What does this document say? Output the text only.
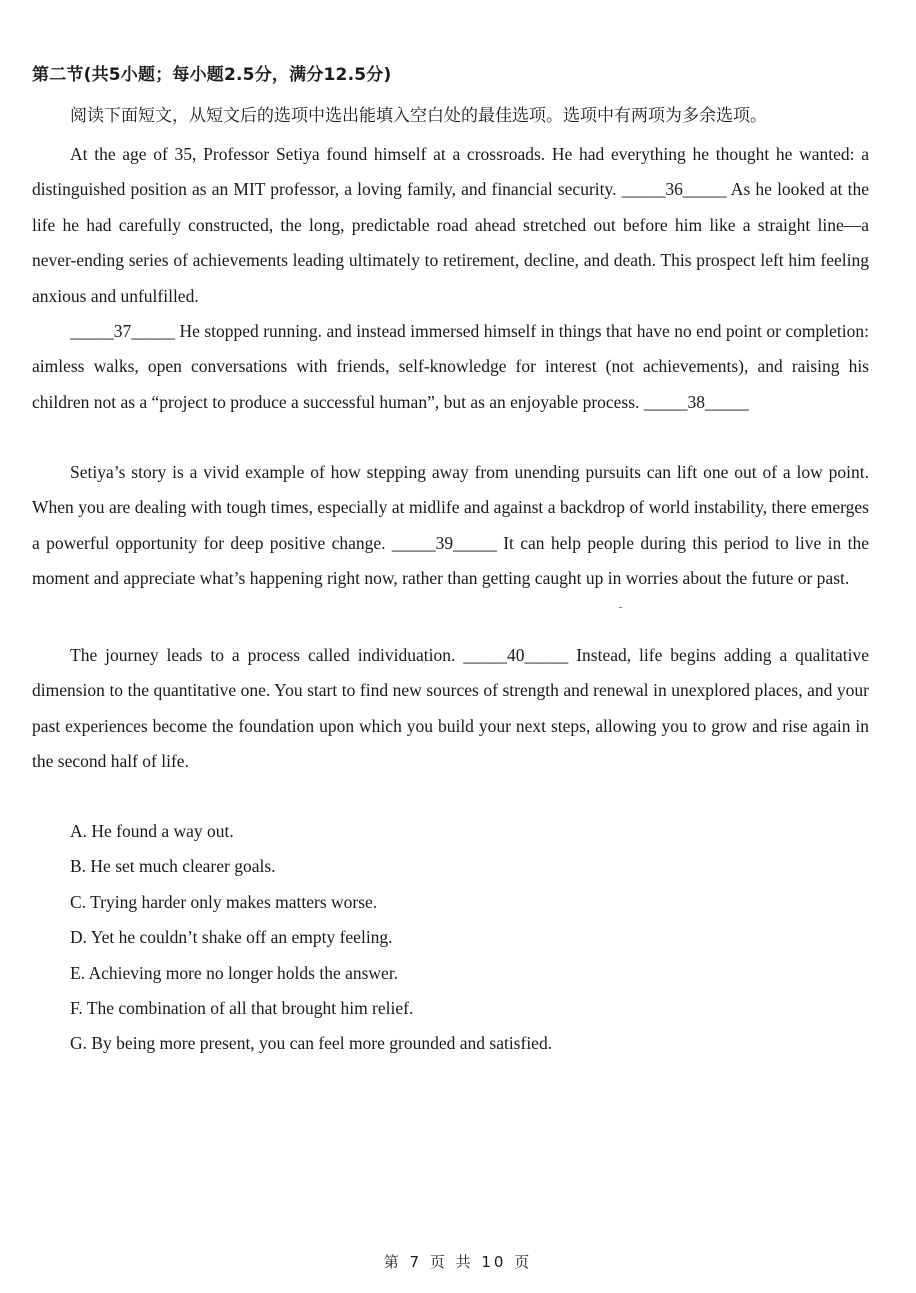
第二节(共5小题；每小题2.5分，满分12.5分)
阅读下面短文，从短文后的选项中选出能填入空白处的最佳选项。选项中有两项为多余选项。

At the age of 35, Professor Setiya found himself at a crossroads. He had everything he thought he wanted: a distinguished position as an MIT professor, a loving family, and financial security. _____36_____ As he looked at the life he had carefully constructed, the long, predictable road ahead stretched out before him like a straight line—a never-ending series of achievements leading ultimately to retirement, decline, and death. This prospect left him feeling anxious and unfulfilled.

_____37_____ He stopped running. and instead immersed himself in things that have no end point or completion: aimless walks, open conversations with friends, self-knowledge for interest (not achievements), and raising his children not as a “project to produce a successful human”, but as an enjoyable process. _____38_____

Setiya’s story is a vivid example of how stepping away from unending pursuits can lift one out of a low point. When you are dealing with tough times, especially at midlife and against a backdrop of world instability, there emerges a powerful opportunity for deep positive change. _____39_____ It can help people during this period to live in the moment and appreciate what’s happening right now, rather than getting caught up in worries about the future or past.

The journey leads to a process called individuation. _____40_____ Instead, life begins adding a qualitative dimension to the quantitative one. You start to find new sources of strength and renewal in unexplored places, and your past experiences become the foundation upon which you build your next steps, allowing you to grow and rise again in the second half of life.

A. He found a way out.
B. He set much clearer goals.
C. Trying harder only makes matters worse.
D. Yet he couldn’t shake off an empty feeling.
E. Achieving more no longer holds the answer.
F. The combination of all that brought him relief.
G. By being more present, you can feel more grounded and satisfied.
第 7 页 共 10 页
